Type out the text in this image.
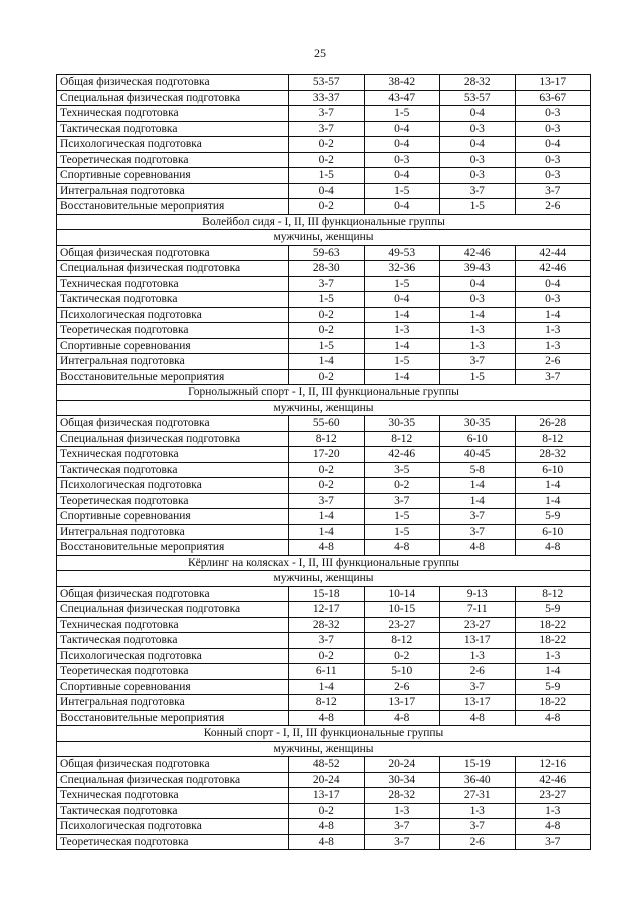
25
Общая физическая подготовка	53-57	38-42	28-32	13-17
Специальная физическая подготовка	33-37	43-47	53-57	63-67
Техническая подготовка	3-7	1-5	0-4	0-3
Тактическая подготовка	3-7	0-4	0-3	0-3
Психологическая подготовка	0-2	0-4	0-4	0-4
Теоретическая подготовка	0-2	0-3	0-3	0-3
Спортивные соревнования	1-5	0-4	0-3	0-3
Интегральная подготовка	0-4	1-5	3-7	3-7
Восстановительные мероприятия	0-2	0-4	1-5	2-6
Волейбол сидя - I, II, III функциональные группы				
мужчины, женщины				
Общая физическая подготовка	59-63	49-53	42-46	42-44
Специальная физическая подготовка	28-30	32-36	39-43	42-46
Техническая подготовка	3-7	1-5	0-4	0-4
Тактическая подготовка	1-5	0-4	0-3	0-3
Психологическая подготовка	0-2	1-4	1-4	1-4
Теоретическая подготовка	0-2	1-3	1-3	1-3
Спортивные соревнования	1-5	1-4	1-3	1-3
Интегральная подготовка	1-4	1-5	3-7	2-6
Восстановительные мероприятия	0-2	1-4	1-5	3-7
Горнолыжный спорт - I, II, III функциональные группы				
мужчины, женщины				
Общая физическая подготовка	55-60	30-35	30-35	26-28
Специальная физическая подготовка	8-12	8-12	6-10	8-12
Техническая подготовка	17-20	42-46	40-45	28-32
Тактическая подготовка	0-2	3-5	5-8	6-10
Психологическая подготовка	0-2	0-2	1-4	1-4
Теоретическая подготовка	3-7	3-7	1-4	1-4
Спортивные соревнования	1-4	1-5	3-7	5-9
Интегральная подготовка	1-4	1-5	3-7	6-10
Восстановительные мероприятия	4-8	4-8	4-8	4-8
Кёрлинг на колясках - I, II, III функциональные группы				
мужчины, женщины				
Общая физическая подготовка	15-18	10-14	9-13	8-12
Специальная физическая подготовка	12-17	10-15	7-11	5-9
Техническая подготовка	28-32	23-27	23-27	18-22
Тактическая подготовка	3-7	8-12	13-17	18-22
Психологическая подготовка	0-2	0-2	1-3	1-3
Теоретическая подготовка	6-11	5-10	2-6	1-4
Спортивные соревнования	1-4	2-6	3-7	5-9
Интегральная подготовка	8-12	13-17	13-17	18-22
Восстановительные мероприятия	4-8	4-8	4-8	4-8
Конный спорт - I, II, III функциональные группы				
мужчины, женщины				
Общая физическая подготовка	48-52	20-24	15-19	12-16
Специальная физическая подготовка	20-24	30-34	36-40	42-46
Техническая подготовка	13-17	28-32	27-31	23-27
Тактическая подготовка	0-2	1-3	1-3	1-3
Психологическая подготовка	4-8	3-7	3-7	4-8
Теоретическая подготовка	4-8	3-7	2-6	3-7
